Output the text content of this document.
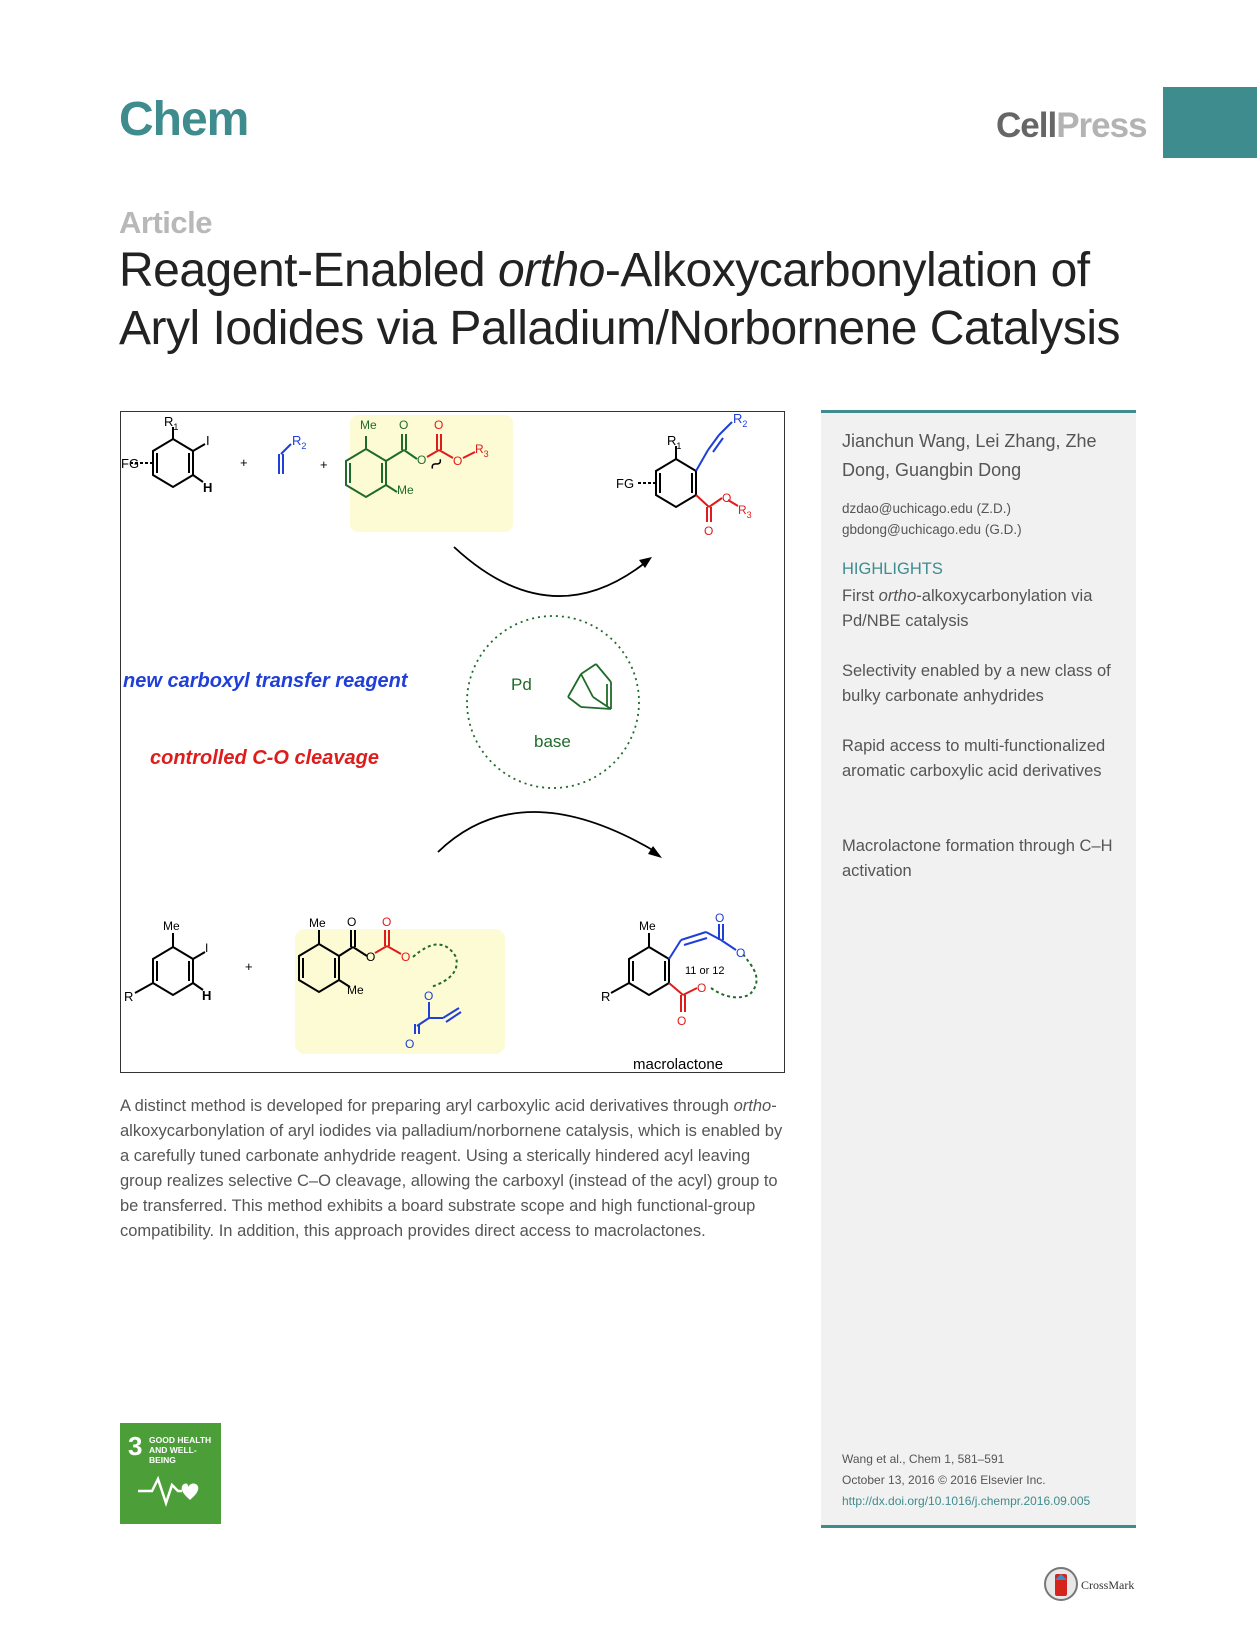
Chem	CellPress
Article
Reagent-Enabled ortho-Alkoxycarbonylation of
Aryl Iodides via Palladium/Norbornene Catalysis
Jianchun Wang, Lei Zhang, Zhe Dong, Guangbin Dong
dzdao@uchicago.edu (Z.D.)
gbdong@uchicago.edu (G.D.)
HIGHLIGHTS
First ortho-alkoxycarbonylation via Pd/NBE catalysis
Selectivity enabled by a new class of bulky carbonate anhydrides
Rapid access to multi-functionalized aromatic carboxylic acid derivatives
Macrolactone formation through C–H activation
Wang et al., Chem 1, 581–591
October 13, 2016 © 2016 Elsevier Inc.
http://dx.doi.org/10.1016/j.chempr.2016.09.005
$R_1$
I
H
FG	+
$R_2$
+
Me
Me
O
O
O
O
$R_3$
$R_1$
$R_2$
FG
O
O
$R_3$
Pd
base
new carboxyl transfer reagent
controlled C-O cleavage
Me
I
H
R
+
Me
Me
O
O
O
O
O
O
Me
R
O
O
O
O
11 or 12
macrolactone
A distinct method is developed for preparing aryl carboxylic acid derivatives through ortho-alkoxycarbonylation of aryl iodides via palladium/norbornene catalysis, which is enabled by a carefully tuned carbonate anhydride reagent. Using a sterically hindered acyl leaving group realizes selective C–O cleavage, allowing the carboxyl (instead of the acyl) group to be transferred. This method exhibits a board substrate scope and high functional-group compatibility. In addition, this approach provides direct access to macrolactones.
3 GOOD HEALTH AND WELL-BEING
CrossMark
